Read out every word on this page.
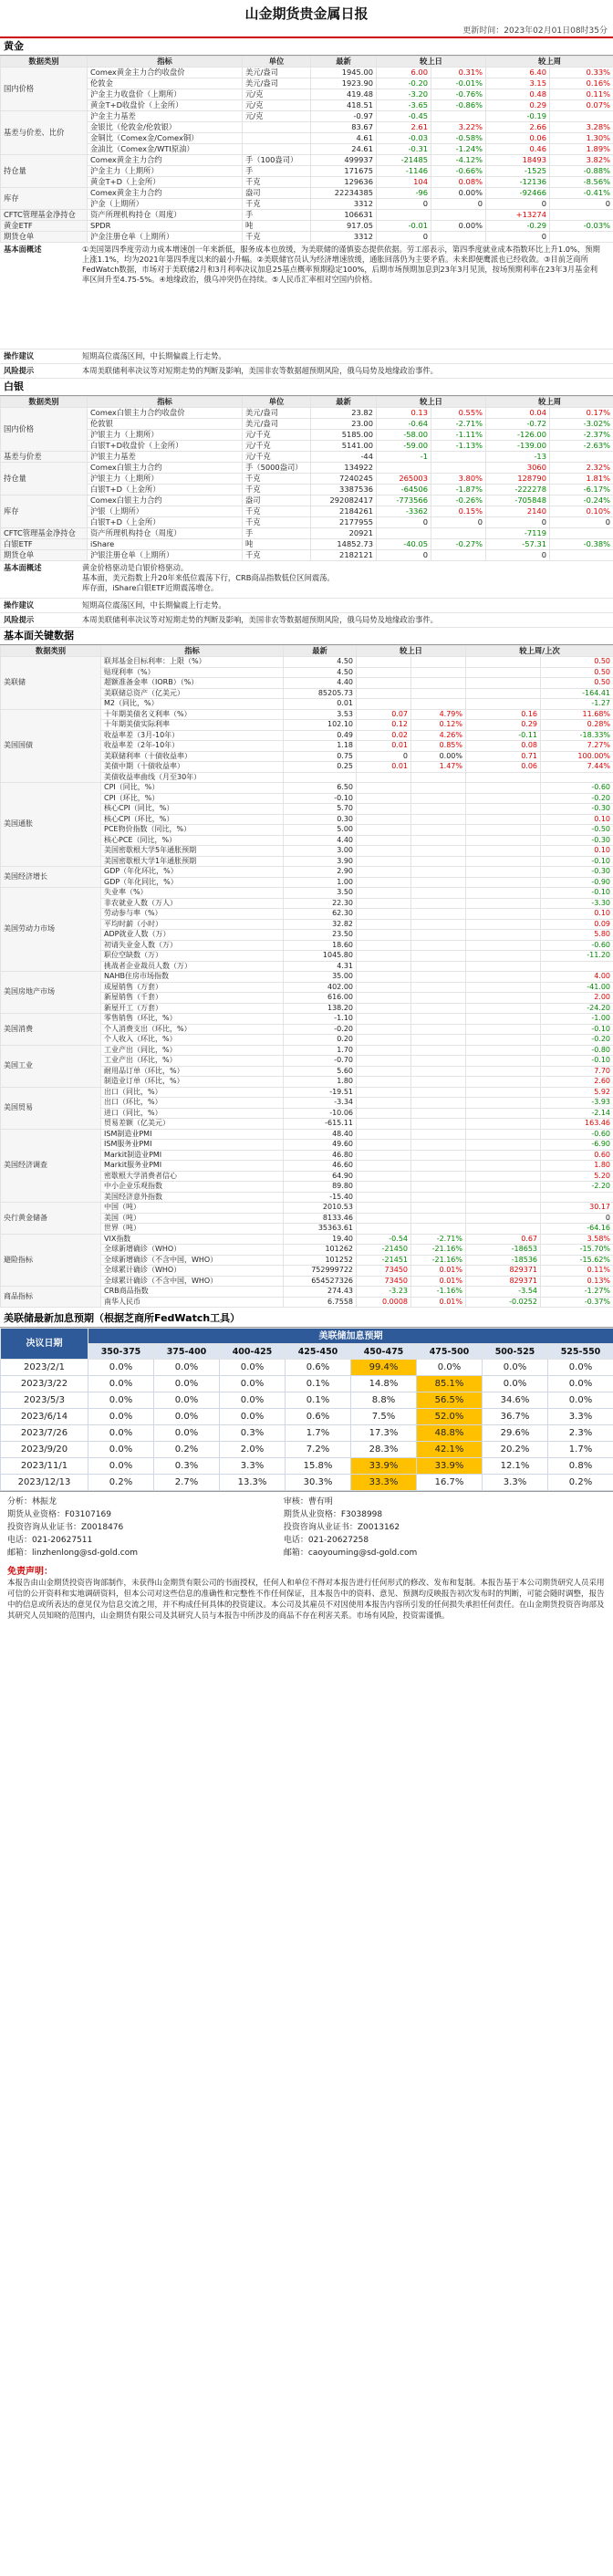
山金期货贵金属日报
更新时间：2023年02月01日08时35分
黄金
数据类别	指标	单位	最新	较上日		较上周	
国内价格	Comex黄金主力合约收盘价	美元/盎司	1945.00	6.00	0.31%	6.40	0.33%
	伦敦金	美元/盎司	1923.90	-0.20	-0.01%	3.15	0.16%
	沪金主力收盘价（上期所）	元/克	419.48	-3.20	-0.76%	0.48	0.11%
	黄金T+D收盘价（上金所）	元/克	418.51	-3.65	-0.86%	0.29	0.07%
基差与价差、比价	沪金主力基差	元/克	-0.97	-0.45		-0.19	
	金银比（伦敦金/伦敦银）		83.67	2.61	3.22%	2.66	3.28%
	金铜比（Comex金/Comex铜）		4.61	-0.03	-0.58%	0.06	1.30%
	金油比（Comex金/WTI原油）		24.61	-0.31	-1.24%	0.46	1.89%
持仓量	Comex黄金主力合约	手（100盎司）	499937	-21485	-4.12%	18493	3.82%
	沪金主力（上期所）	手	171675	-1146	-0.66%	-1525	-0.88%
	黄金T+D（上金所）	千克	129636	104	0.08%	-12136	-8.56%
库存	Comex黄金主力合约	盎司	22234385	-96	0.00%	-92466	-0.41%
	沪金（上期所）	千克	3312	0	0	0	0
CFTC管理基金净持仓	资产所理机构持仓（周度）	手	106631			+13274	
黄金ETF	SPDR	吨	917.05	-0.01	0.00%	-0.29	-0.03%
期货仓单	沪金注册仓单（上期所）	千克	3312	0		0	
基本面概述	①美国第四季度劳动力成本增速创一年来新低，服务成本也放缓，为美联储的谨慎姿态提供依据。劳工部表示，第四季度就业成本指数环比上升1.0%，预期上涨1.1%，均为2021年第四季度以来的最小升幅。②美联储官员认为经济增速放缓，通胀回落仍为主要矛盾。未来即便鹰派也已经收敛。③目前芝商所FedWatch数据，市场对于美联储2月和3月利率决议加息25基点概率预期稳定100%，后期市场预期加息到23年3月见顶，按场预期利率在23年3月基金利率区间升至4.75-5%。④地缘政治，俄乌冲突仍在持续。⑤人民币汇率相对空国内价格。
操作建议	短期高位震荡区间，中长期偏震上行走势。
风险提示	本周美联储利率决议等对短期走势的判断及影响，美国非农等数据超预期风险，俄乌局势及地缘政治事件。
白银
数据类别	指标	单位	最新	较上日		较上周	
国内价格	Comex白银主力合约收盘价	美元/盎司	23.82	0.13	0.55%	0.04	0.17%
	伦敦银	美元/盎司	23.00	-0.64	-2.71%	-0.72	-3.02%
	沪银主力（上期所）	元/千克	5185.00	-58.00	-1.11%	-126.00	-2.37%
	白银T+D收盘价（上金所）	元/千克	5141.00	-59.00	-1.13%	-139.00	-2.63%
基差与价差	沪银主力基差	元/千克	-44	-1		-13	
持仓量	Comex白银主力合约	手（5000盎司）	134922			3060	2.32%
	沪银主力（上期所）	千克	7240245	265003	3.80%	128790	1.81%
	白银T+D（上金所）	千克	3387536	-64506	-1.87%	-222278	-6.17%
库存	Comex白银主力合约	盎司	292082417	-773566	-0.26%	-705848	-0.24%
	沪银（上期所）	千克	2184261	-3362	0.15%	2140	0.10%
	白银T+D（上金所）	千克	2177955	0	0	0	0
CFTC管理基金净持仓	资产所理机构持仓（周度）	手	20921			-7119	
白银ETF	iShare	吨	14852.73	-40.05	-0.27%	-57.31	-0.38%
期货仓单	沪银注册仓单（上期所）	千克	2182121	0		0	
基本面概述	黄金价格驱动是白银价格驱动。
基本面，美元指数上升20年来低位震荡下行，CRB商品指数低位区间震荡。
库存面，iShare白银ETF近期震荡增仓。
操作建议	短期高位震荡区间，中长期偏震上行走势。
风险提示	本周美联储利率决议等对短期走势的判断及影响，美国非农等数据超预期风险，俄乌局势及地缘政治事件。
基本面关键数据
数据类别	指标	最新	较上日		较上周/上次	
美联储	联邦基金目标利率：上限（%）	4.50				0.50
	贴现利率（%）	4.50				0.50
	超额准备金率（IORB）（%）	4.40				0.50
	美联储总资产（亿美元）	85205.73				-164.41
	M2（同比，%）	0.01				-1.27
美国国债	十年期美债名义利率（%）	3.53	0.07	4.79%	0.16	11.68%
	十年期美债实际利率	102.10	0.12	0.12%	0.29	0.28%
	收益率差（3月-10年）	0.49	0.02	4.26%	-0.11	-18.33%
	收益率差（2年-10年）	1.18	0.01	0.85%	0.08	7.27%
	美联储利率（十债收益率）	0.75	0	0.00%	0.71	100.00%
	美债中期（十债收益率）	0.25	0.01	1.47%	0.06	7.44%
	美债收益率曲线（月至30年）					
美国通胀	CPI（同比，%）	6.50				-0.60
	CPI（环比，%）	-0.10				-0.20
	核心CPI（同比，%）	5.70				-0.30
	核心CPI（环比，%）	0.30				0.10
	PCE物价指数（同比，%）	5.00				-0.50
	核心PCE（同比，%）	4.40				-0.30
	美国密歇根大学5年通胀预期	3.00				0.10
	美国密歇根大学1年通胀预期	3.90				-0.10
美国经济增长	GDP（年化环比，%）	2.90				-0.30
	GDP（年化同比，%）	1.00				-0.90
美国劳动力市场	失业率（%）	3.50				-0.10
	非农就业人数（万人）	22.30				-3.30
	劳动参与率（%）	62.30				0.10
	平均时薪（小时）	32.82				0.09
	ADP就业人数（万）	23.50				5.80
	初请失业金人数（万）	18.60				-0.60
	职位空缺数（万）	1045.80				-11.20
	挑战者企业裁员人数（万）	4.31				
美国房地产市场	NAHB住房市场指数	35.00				4.00
	成屋销售（万套）	402.00				-41.00
	新屋销售（千套）	616.00				2.00
	新屋开工（万套）	138.20				-24.20
美国消费	零售销售（环比，%）	-1.10				-1.00
	个人消费支出（环比，%）	-0.20				-0.10
	个人收入（环比，%）	0.20				-0.20
美国工业	工业产出（同比，%）	1.70				-0.80
	工业产出（环比，%）	-0.70				-0.10
	耐用品订单（环比，%）	5.60				7.70
	制造业订单（环比，%）	1.80				2.60
美国贸易	出口（同比，%）	-19.51				5.92
	出口（环比，%）	-3.34				-3.93
	进口（同比，%）	-10.06				-2.14
	贸易差额（亿美元）	-615.11				163.46
美国经济调查	ISM制造业PMI	48.40				-0.60
	ISM服务业PMI	49.60				-6.90
	Markit制造业PMI	46.80				0.60
	Markit服务业PMI	46.60				1.80
	密歇根大学消费者信心	64.90				5.20
	中小企业乐观指数	89.80				-2.20
	美国经济意外指数	-15.40				
央行黄金储备	中国（吨）	2010.53				30.17
	美国（吨）	8133.46				0
	世界（吨）	35363.61				-64.16
避险指标	VIX指数	19.40	-0.54	-2.71%	0.67	3.58%
	全球新增确诊（WHO）	101262	-21450	-21.16%	-18653	-15.70%
	全球新增确诊（不含中国，WHO）	101252	-21451	-21.16%	-18536	-15.62%
	全球累计确诊（WHO）	752999722	73450	0.01%	829371	0.11%
	全球累计确诊（不含中国，WHO）	654527326	73450	0.01%	829371	0.13%
商品指标	CRB商品指数	274.43	-3.23	-1.16%	-3.54	-1.27%
	南华人民币	6.7558	0.0008	0.01%	-0.0252	-0.37%
美联储最新加息预期（根据芝商所FedWatch工具）
决议日期	美联储加息预期							
	350-375	375-400	400-425	425-450	450-475	475-500	500-525	525-550
2023/2/1	0.0%	0.0%	0.0%	0.6%	99.4%	0.0%	0.0%	0.0%
2023/3/22	0.0%	0.0%	0.0%	0.1%	14.8%	85.1%	0.0%	0.0%
2023/5/3	0.0%	0.0%	0.0%	0.1%	8.8%	56.5%	34.6%	0.0%
2023/6/14	0.0%	0.0%	0.0%	0.6%	7.5%	52.0%	36.7%	3.3%
2023/7/26	0.0%	0.0%	0.3%	1.7%	17.3%	48.8%	29.6%	2.3%
2023/9/20	0.0%	0.2%	2.0%	7.2%	28.3%	42.1%	20.2%	1.7%
2023/11/1	0.0%	0.3%	3.3%	15.8%	33.9%	33.9%	12.1%	0.8%
2023/12/13	0.2%	2.7%	13.3%	30.3%	33.3%	16.7%	3.3%	0.2%
分析：林振龙
期货从业资格：F03107169
投资咨询从业证书：Z0018476
电话：021-20627511
邮箱：linzhenlong@sd-gold.com

审核：曹有明
期货从业资格：F3038998
投资咨询从业证书：Z0013162
电话：021-20627258
邮箱：caoyouming@sd-gold.com
免责声明：
本报告由山金期货投资咨询部制作，未获得山金期货有限公司的书面授权，任何人和单位不得对本报告进行任何形式的修改、发布和复制。本报告基于本公司期货研究人员采用可信的公开资料和实地调研资料，但本公司对这些信息的准确性和完整性不作任何保证，且本报告中的资料、意见、预测均反映报告初次发布时的判断，可能会随时调整，报告中的信息或所表达的意见仅为信息交流之用，并不构成任何具体的投资建议。本公司及其雇员不对因使用本报告内容所引发的任何损失承担任何责任。在山金期货投资咨询部及其研究人员知晓的范围内，山金期货有限公司及其研究人员与本报告中所涉及的商品不存在利害关系。市场有风险，投资需谨慎。
